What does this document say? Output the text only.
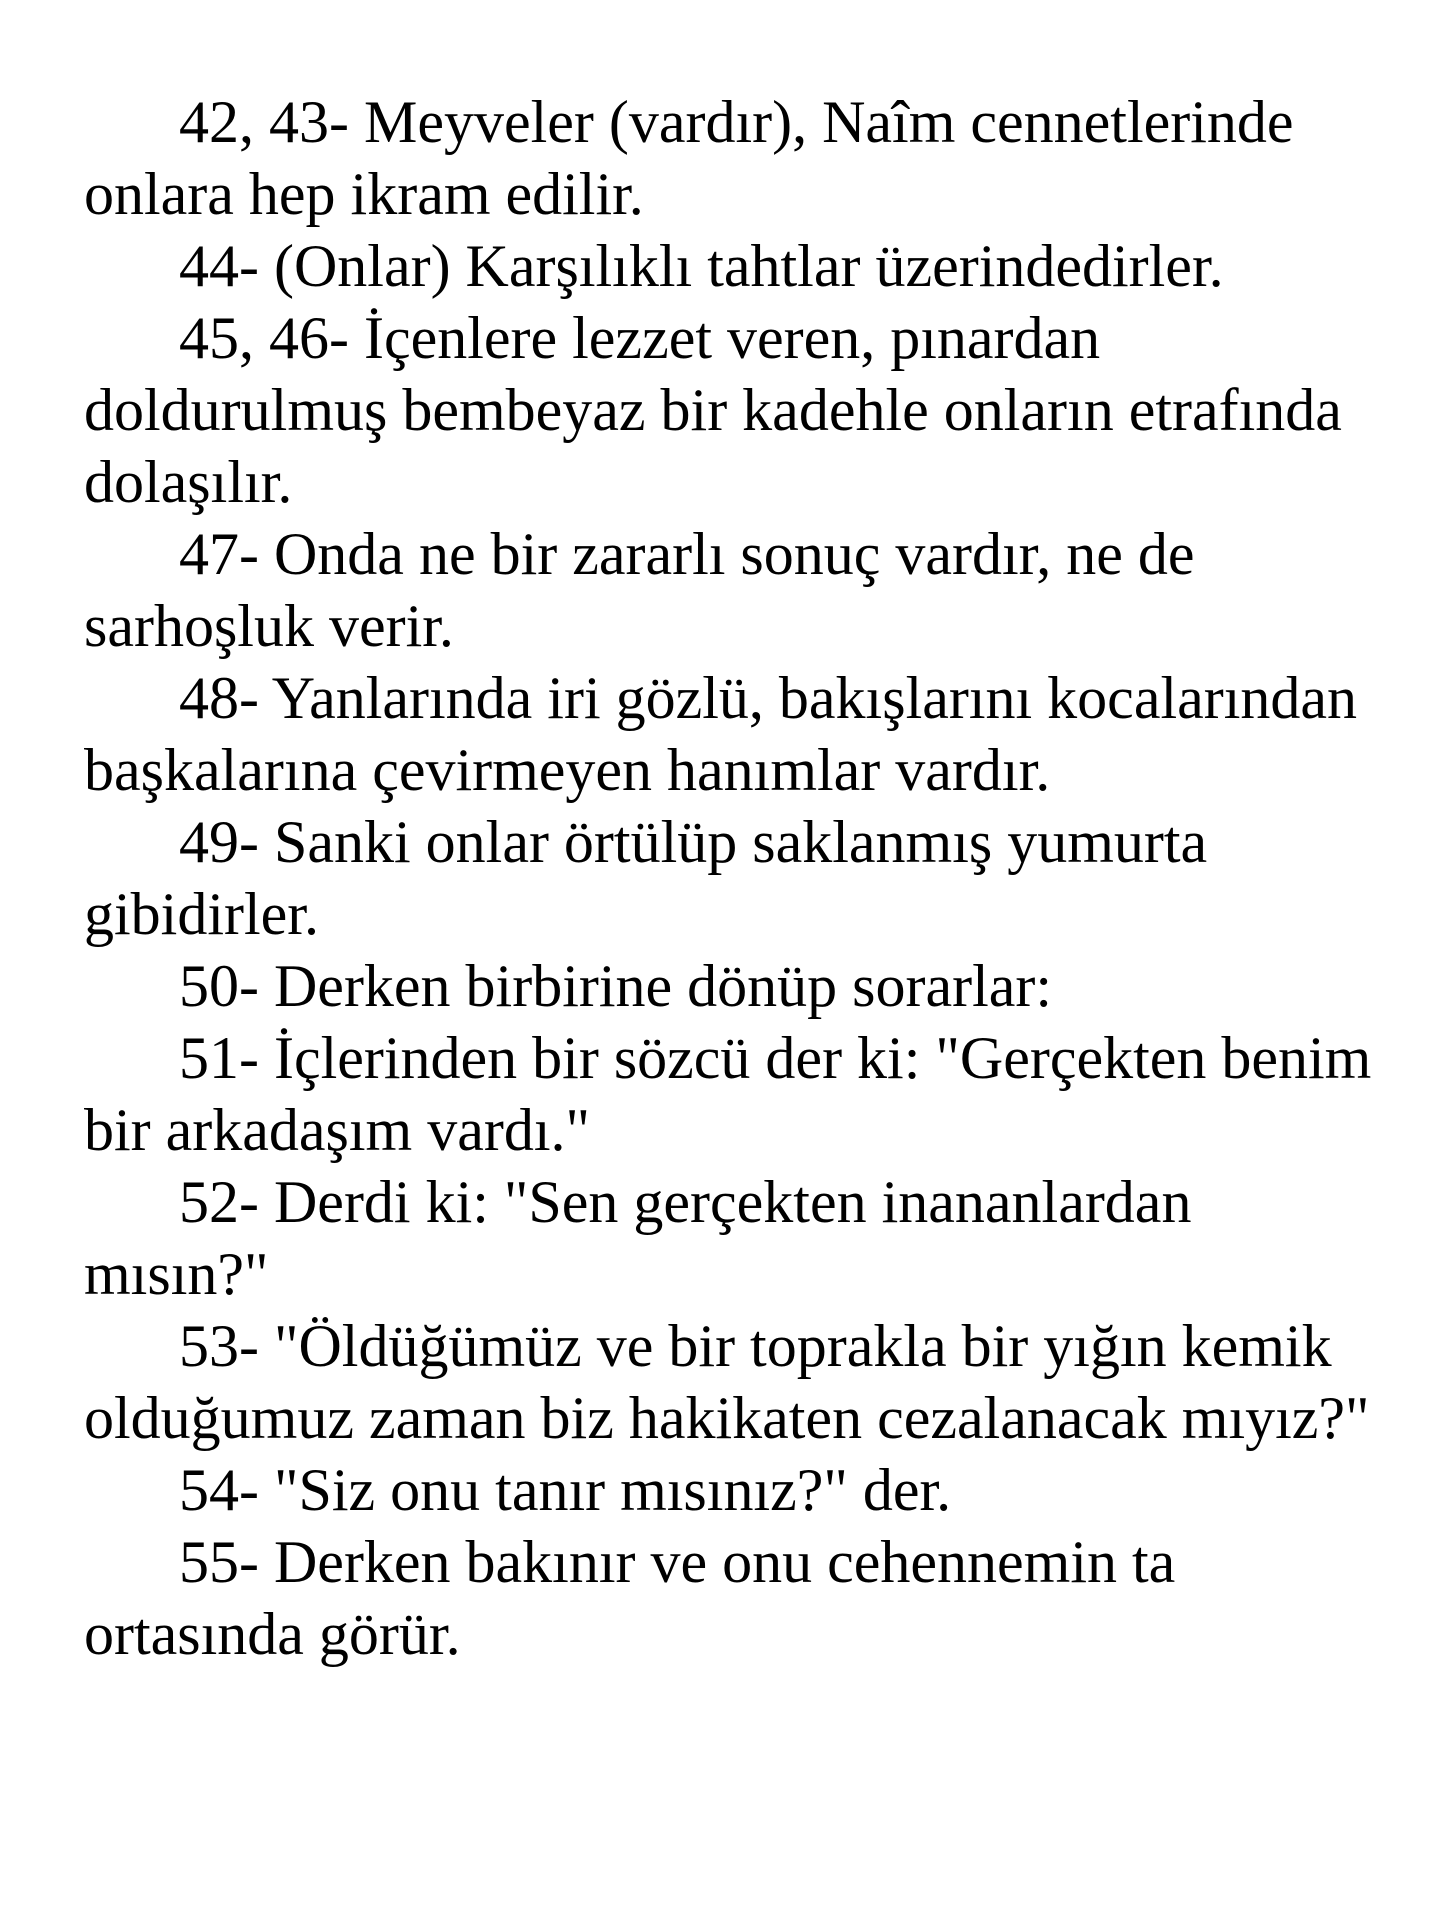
42, 43- Meyveler (vardır), Naîm cennetlerinde onlara hep ikram edilir.

44- (Onlar) Karşılıklı tahtlar üzerindedirler.

45, 46- İçenlere lezzet veren, pınardan doldurulmuş bembeyaz bir kadehle onların etrafında dolaşılır.

47- Onda ne bir zararlı sonuç vardır, ne de sarhoşluk verir.

48- Yanlarında iri gözlü, bakışlarını kocalarından başkalarına çevirmeyen hanımlar vardır.

49- Sanki onlar örtülüp saklanmış yumurta gibidirler.

50- Derken birbirine dönüp sorarlar:

51- İçlerinden bir sözcü der ki: "Gerçekten benim bir arkadaşım vardı."

52- Derdi ki: "Sen gerçekten inananlardan mısın?"

53- "Öldüğümüz ve bir toprakla bir yığın kemik olduğumuz zaman biz hakikaten cezalanacak mıyız?"

54- "Siz onu tanır mısınız?" der.

55- Derken bakınır ve onu cehennemin ta ortasında görür.
